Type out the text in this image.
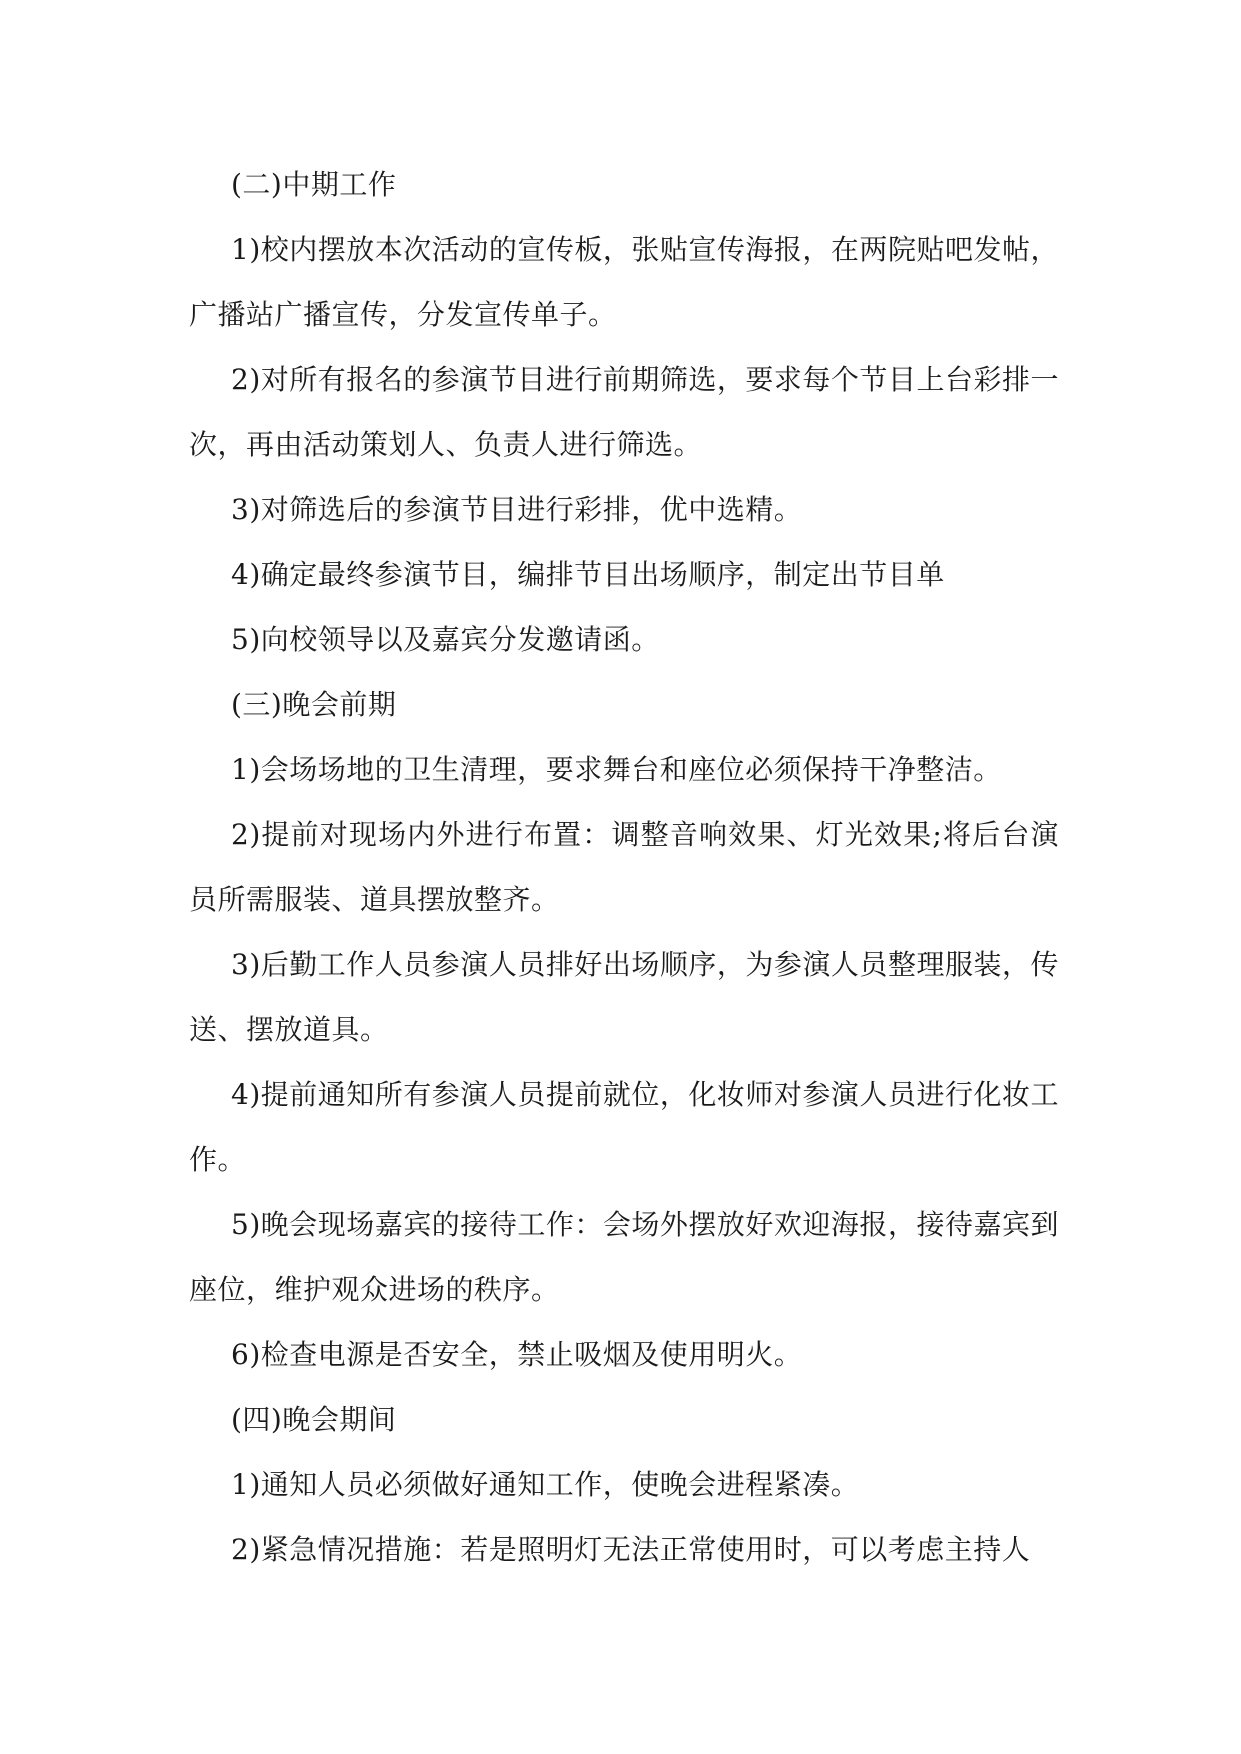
(二)中期工作

1)校内摆放本次活动的宣传板，张贴宣传海报，在两院贴吧发帖，广播站广播宣传，分发宣传单子。

2)对所有报名的参演节目进行前期筛选，要求每个节目上台彩排一次，再由活动策划人、负责人进行筛选。

3)对筛选后的参演节目进行彩排，优中选精。

4)确定最终参演节目，编排节目出场顺序，制定出节目单

5)向校领导以及嘉宾分发邀请函。

(三)晚会前期

1)会场场地的卫生清理，要求舞台和座位必须保持干净整洁。

2)提前对现场内外进行布置：调整音响效果、灯光效果;将后台演员所需服装、道具摆放整齐。

3)后勤工作人员参演人员排好出场顺序，为参演人员整理服装，传送、摆放道具。

4)提前通知所有参演人员提前就位，化妆师对参演人员进行化妆工作。

5)晚会现场嘉宾的接待工作：会场外摆放好欢迎海报，接待嘉宾到座位，维护观众进场的秩序。

6)检查电源是否安全，禁止吸烟及使用明火。

(四)晚会期间

1)通知人员必须做好通知工作，使晚会进程紧凑。

2)紧急情况措施：若是照明灯无法正常使用时，可以考虑主持人
